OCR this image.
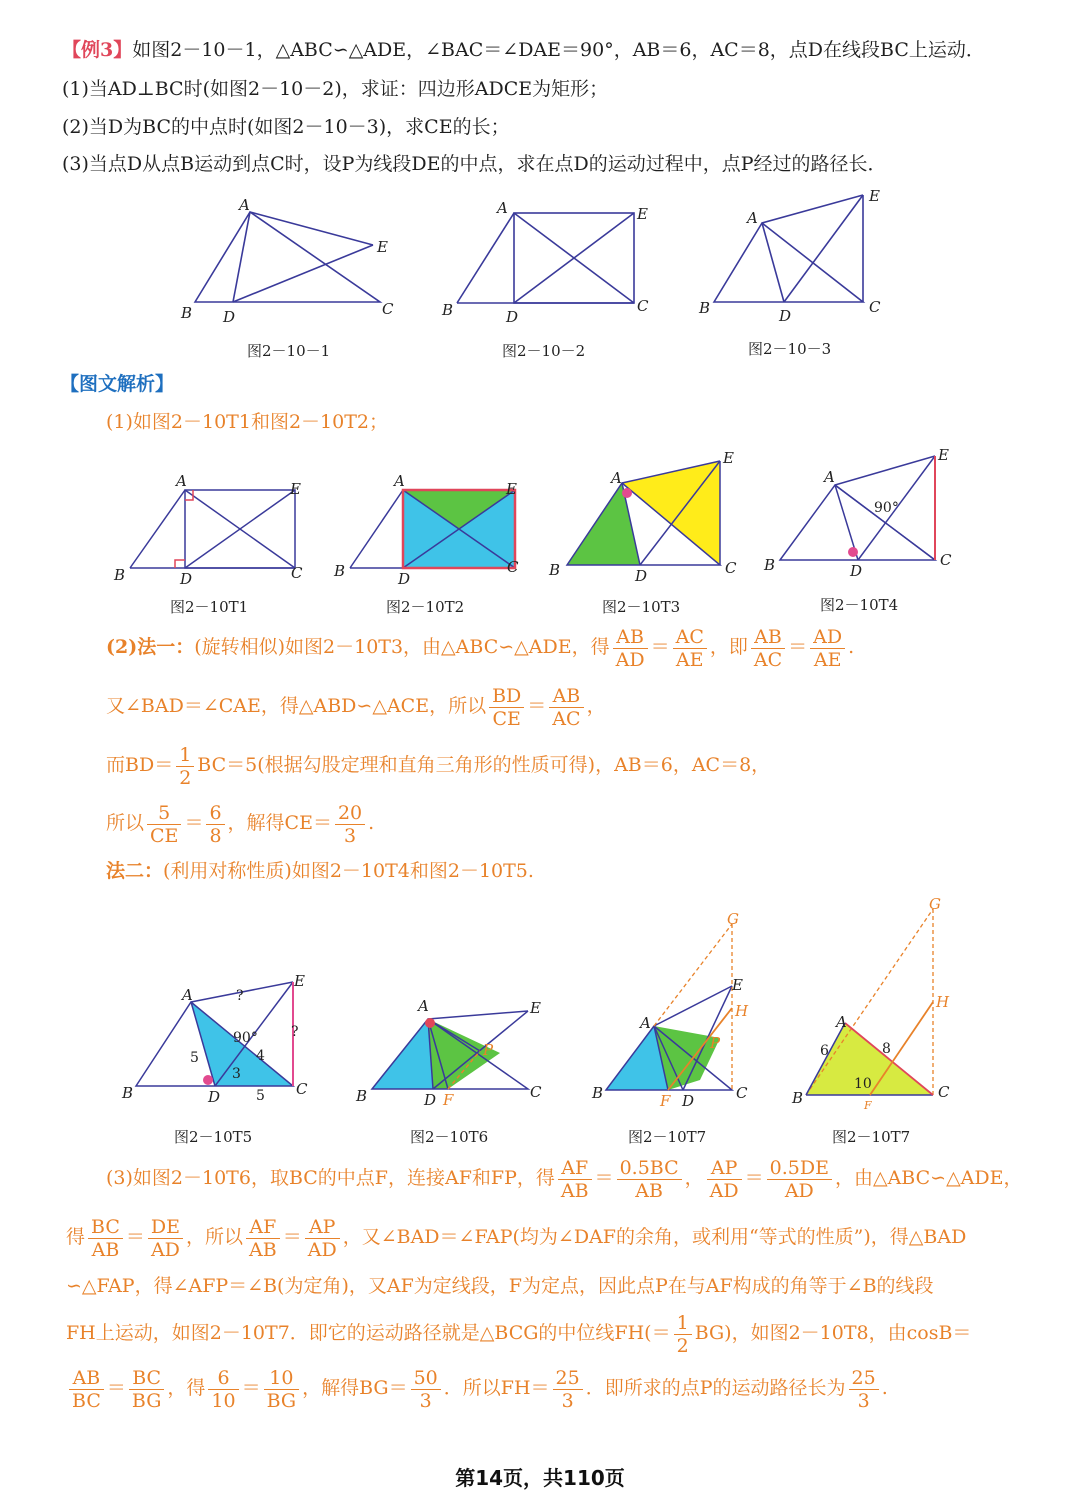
【例3】如图2－10－1，△ABC∽△ADE，∠BAC＝∠DAE＝90°，AB＝6，AC＝8，点D在线段BC上运动．
(1)当AD⊥BC时(如图2－10－2)，求证：四边形ADCE为矩形；
(2)当D为BC的中点时(如图2－10－3)，求CE的长；
(3)当点D从点B运动到点C时，设P为线段DE的中点，求在点D的运动过程中，点P经过的路径长．
A
B	C
D
E
图2－10－1
A
B	C
D
E
图2－10－2
A
B	C
D
E
图2－10－3
【图文解析】
(1)如图2－10T1和图2－10T2；
A
B	C
D
E
图2－10T1
A
B	C
D
E
图2－10T2
A
B	C
D
E
图2－10T3
90°
A
B	C
D
E
图2－10T4
(2)法一：(旋转相似)如图2－10T3，由△ABC∽△ADE，得 $\frac{AB}{AD} = \frac{AC}{AE}$ ，即 $\frac{AB}{AC} = \frac{AD}{AE}$ .
又∠BAD＝∠CAE，得△ABD∽△ACE，所以 $\frac{BD}{CE} = \frac{AB}{AC}$ ，
而$BD= \frac{1}{2} BC=5$(根据勾股定理和直角三角形的性质可得)，AB＝6，AC＝8，
所以 $\frac{5}{CE} = \frac{6}{8}$ ，解得$CE= \frac{20}{3}$ .
法二：(利用对称性质)如图2－10T4和图2－10T5.
90°
?
?
5
3
4
5
A
B	C
D
E
图2－10T5
A
B	C
D
E
F
P
图2－10T6
G
H
P
A
B	C
D
E
F
图2－10T7
G
H
A
B	C
F
6	8
10
图2－10T7
(3)如图2－10T6，取BC的中点F，连接AF和FP，得 $\frac{AF}{AB} = \frac{0.5BC}{AB}$ ， $\frac{AP}{AD} = \frac{0.5DE}{AD}$ ，由△ABC∽△ADE，
得 $\frac{BC}{AB} = \frac{DE}{AD}$ ，所以 $\frac{AF}{AB} = \frac{AP}{AD}$ ，又∠BAD＝∠FAP(均为∠DAF的余角，或利用“等式的性质”)，得△BAD
∽△FAP，得∠AFP＝∠B(为定角)，又AF为定线段，F为定点，因此点P在与AF构成的角等于∠B的线段
FH上运动，如图2－10T7．即它的运动路径就是△BCG的中位线$FH(= \frac{1}{2} BG)$，如图2－10T8，由cosB＝
$\frac{AB}{BC} = \frac{BC}{BG}$ ，得 $\frac{6}{10} = \frac{10}{BG}$ ，解得$BG= \frac{50}{3}$ ．所以$FH= \frac{25}{3}$ ．即所求的点P的运动路径长为 $\frac{25}{3}$ .
第14页，共110页
